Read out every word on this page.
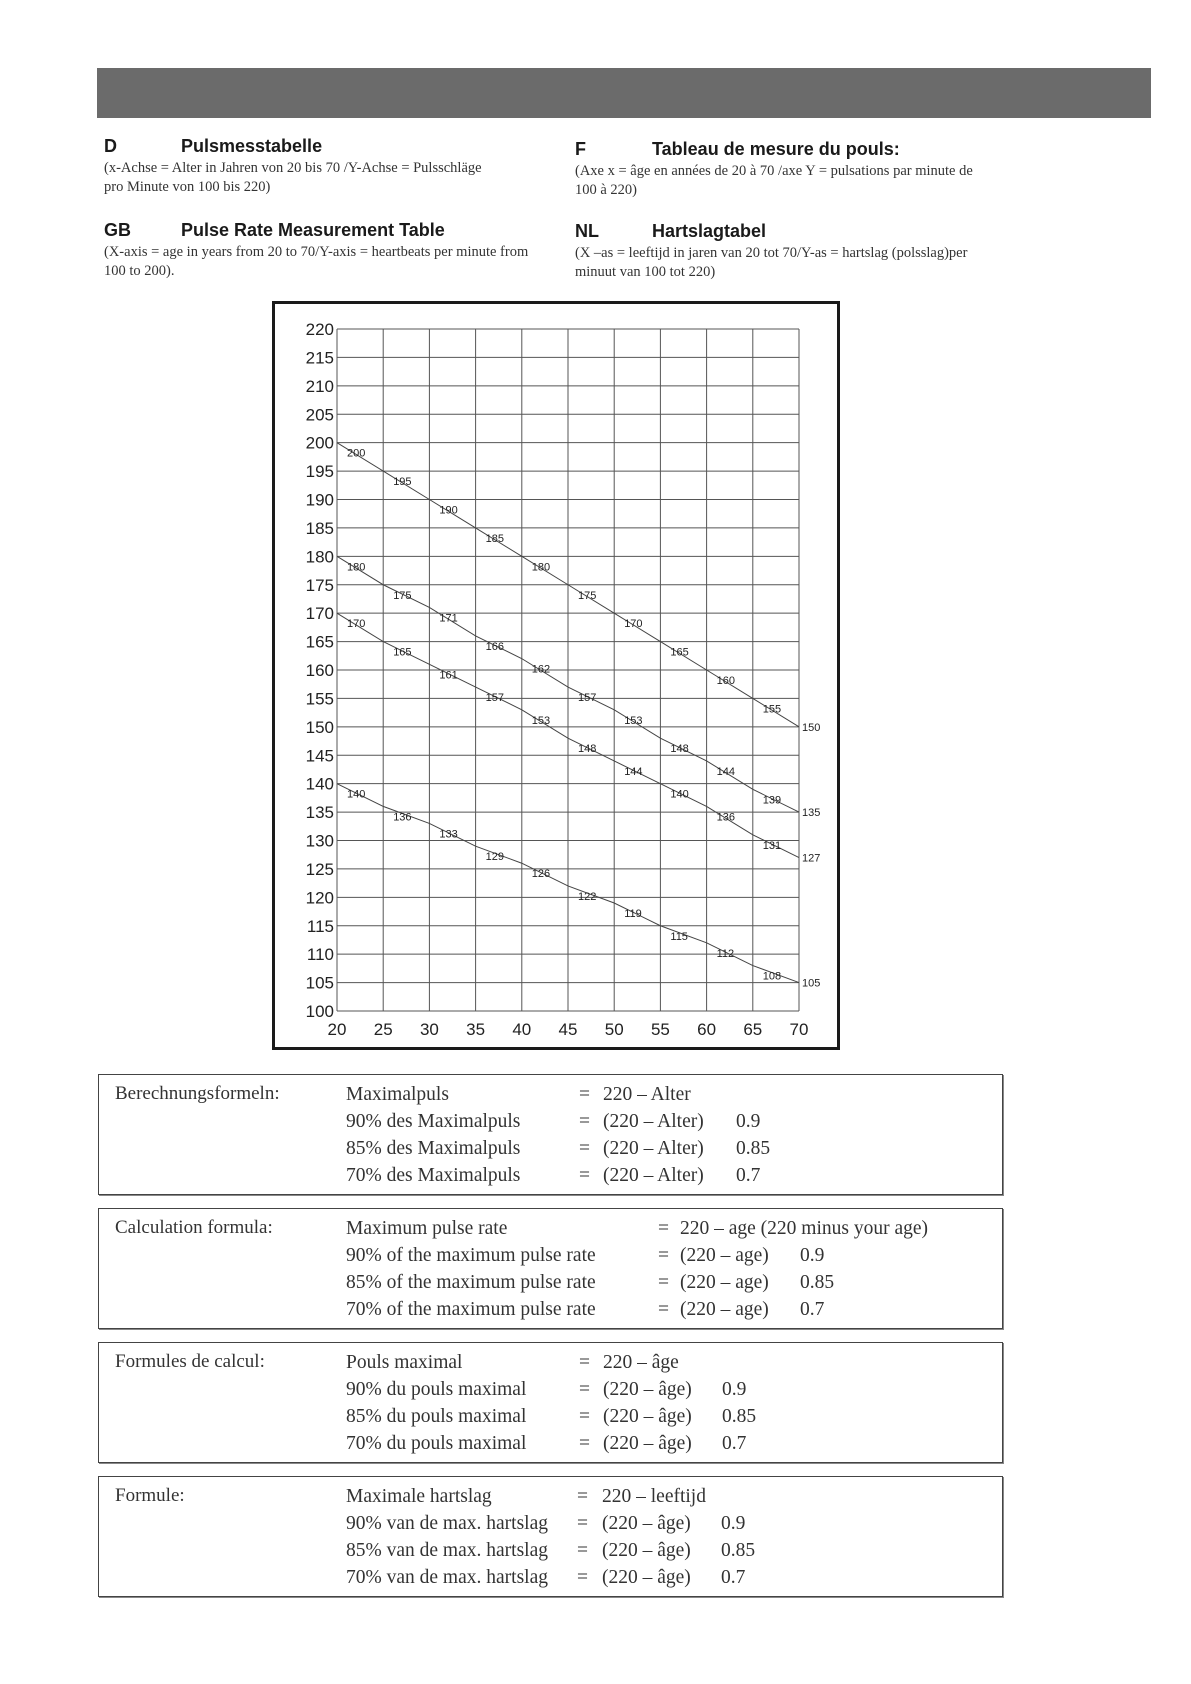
D	Pulsmesstabelle
(x-Achse = Alter in Jahren von 20 bis 70 /Y-Achse = Pulsschläge pro Minute von 100 bis 220)
F	Tableau de mesure du pouls:
(Axe x = âge en années de 20 à 70 /axe Y = pulsations par minute de 100 à 220)
GB	Pulse Rate Measurement Table
(X-axis = age in years from 20 to 70/Y-axis = heartbeats per minute from 100 to 200).
NL	Hartslagtabel
(X –as = leeftijd in jaren van 20 tot 70/Y-as = hartslag (polsslag)per minuut van 100 tot 220)
100
105
110
115
120
125
130
135
140
145
150
155
160
165
170
175
180
185
190
195
200
205
210
215
220
20 25 30 35 40 45 50 55 60 65 70
200
195
190
185
180
175
170
165
160
155
150
180
175
171
166
162
157
153
148
144
139
135
170
165
161
157
153
148
144
140
136
131
127
140
136
133
129
126
122
119
115
112
108
105
Berechnungsformeln:	Maximalpuls	= 220 – Alter
90% des Maximalpuls	= (220 – Alter) 0.9
85% des Maximalpuls	= (220 – Alter) 0.85
70% des Maximalpuls	= (220 – Alter) 0.7
Calculation formula:	Maximum pulse rate	= 220 – age (220 minus your age)
90% of the maximum pulse rate	= (220 – age) 0.9
85% of the maximum pulse rate	= (220 – age) 0.85
70% of the maximum pulse rate	= (220 – age) 0.7
Formules de calcul:	Pouls maximal	= 220 – âge
90% du pouls maximal	= (220 – âge) 0.9
85% du pouls maximal	= (220 – âge) 0.85
70% du pouls maximal	= (220 – âge) 0.7
Formule:	Maximale hartslag	= 220 – leeftijd
90% van de max. hartslag = (220 – âge) 0.9
85% van de max. hartslag = (220 – âge) 0.85
70% van de max. hartslag = (220 – âge) 0.7
